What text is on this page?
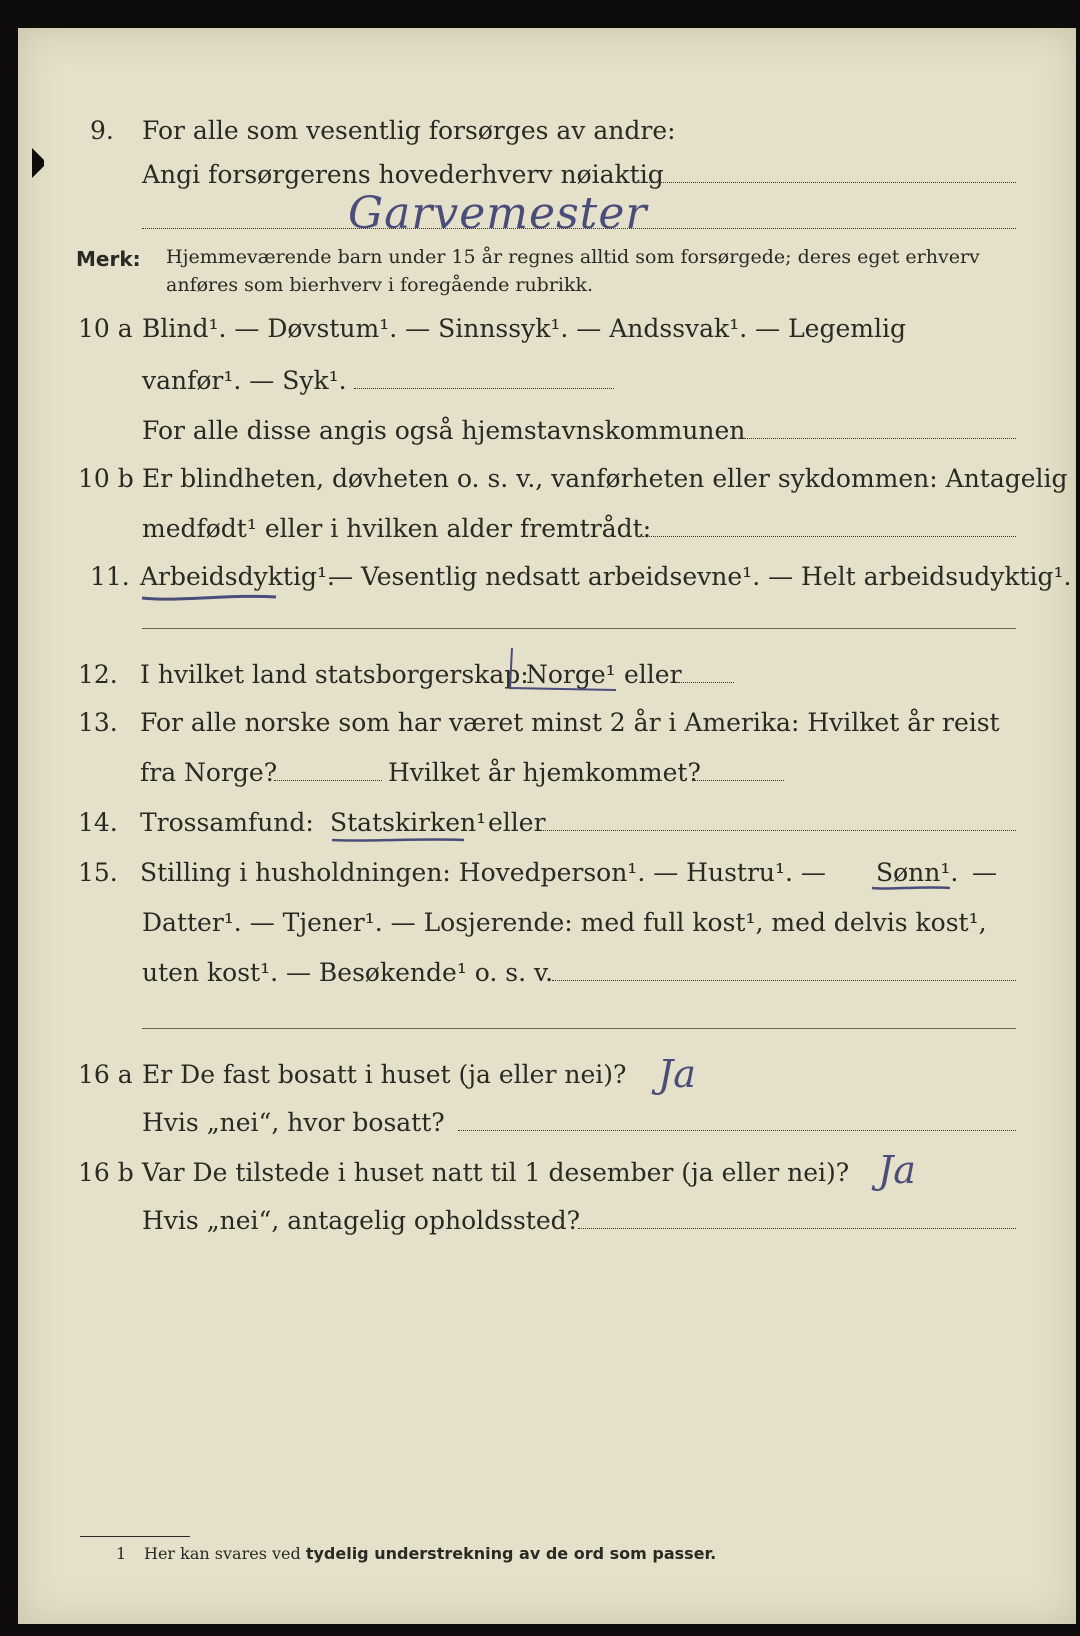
9. For alle som vesentlig forsørges av andre:
Angi forsørgerens hovederhverv nøiaktig
Garvemester
Merk: Hjemmeværende barn under 15 år regnes alltid som forsørgede; deres eget erhverv
anføres som bierhverv i foregående rubrikk.
10 a Blind¹. — Døvstum¹. — Sinnssyk¹. — Andssvak¹. — Legemlig
vanfør¹. — Syk¹.
For alle disse angis også hjemstavnskommunen
10 b Er blindheten, døvheten o. s. v., vanførheten eller sykdommen: Antagelig
medfødt¹ eller i hvilken alder fremtrådt:
11. Arbeidsdyktig¹.
— Vesentlig nedsatt arbeidsevne¹. — Helt arbeidsudyktig¹.
12. I hvilket land statsborgerskap:
Norge¹ eller
13. For alle norske som har været minst 2 år i Amerika: Hvilket år reist
fra Norge?	Hvilket år hjemkommet?
14. Trossamfund: Statskirken¹ eller
15. Stilling i husholdningen: Hovedperson¹. — Hustru¹. — Sønn¹. —
Datter¹. — Tjener¹. — Losjerende: med full kost¹, med delvis kost¹,
uten kost¹. — Besøkende¹ o. s. v.
16 a Er De fast bosatt i huset (ja eller nei)? Ja
Hvis „nei“, hvor bosatt?
16 b Var De tilstede i huset natt til 1 desember (ja eller nei)? Ja
Hvis „nei“, antagelig opholdssted?
1 Her kan svares ved tydelig understrekning av de ord som passer.
